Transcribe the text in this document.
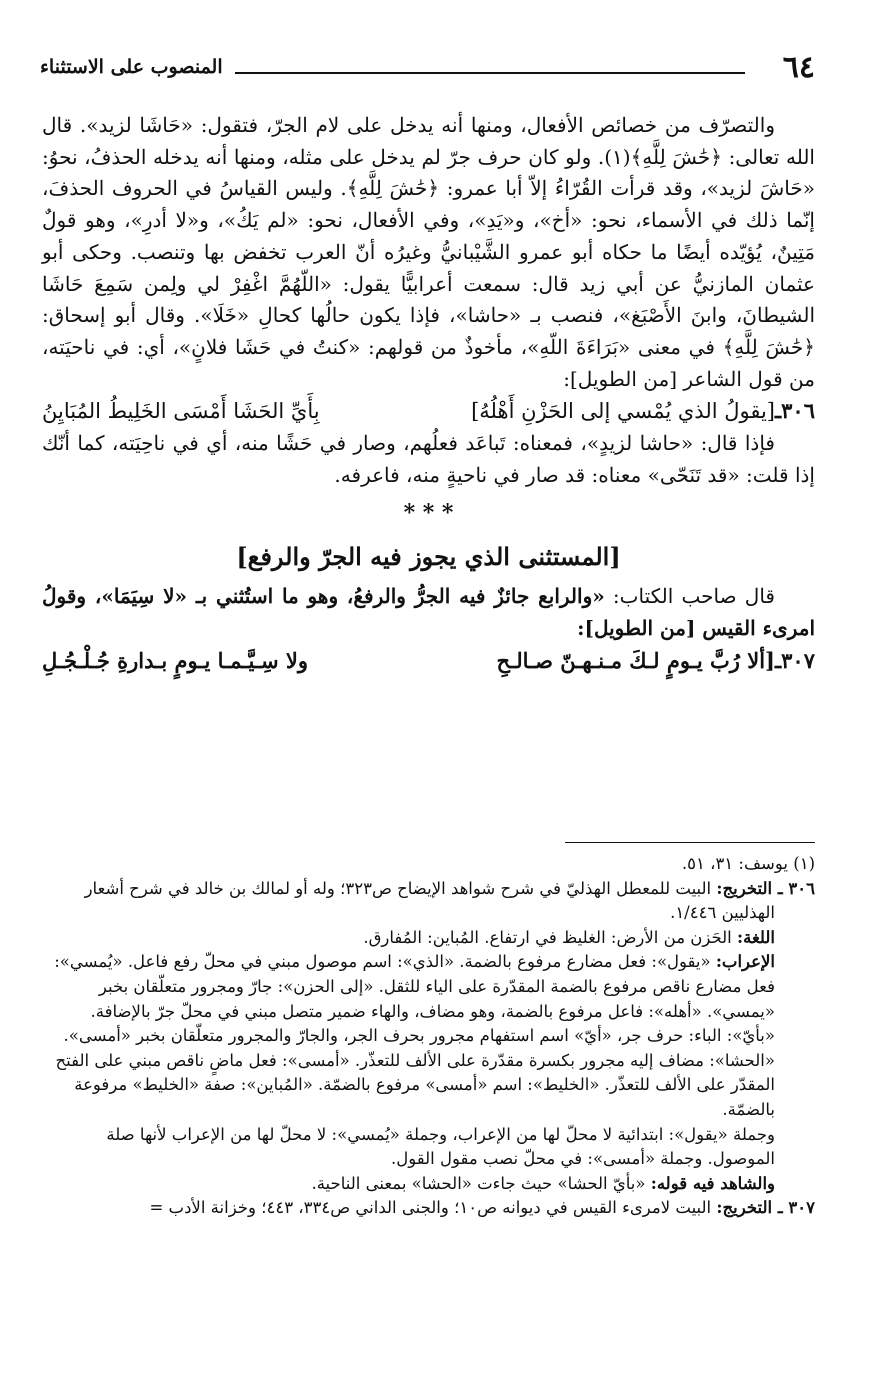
٦٤
المنصوب على الاستثناء

والتصرّف من خصائص الأفعال، ومنها أنه يدخل على لام الجرّ، فتقول: «حَاشَا لزيد». قال الله تعالى: ﴿حَٰشَ لِلَّهِ﴾(١). ولو كان حرف جرّ لم يدخل على مثله، ومنها أنه يدخله الحذفُ، نحوُ: «حَاشَ لزيد»، وقد قرأت القُرّاءُ إلاّ أبا عمرو: ﴿حَٰشَ لِلَّهِ﴾. وليس القياسُ في الحروف الحذفَ، إنّما ذلك في الأسماء، نحو: «أخ»، و«يَدِ»، وفي الأفعال، نحو: «لم يَكُ»، و«لا أدرِ»، وهو قولٌ مَتِينٌ، يُؤيّده أيضًا ما حكاه أبو عمرو الشَّيْبانيُّ وغيرُه أنّ العرب تخفض بها وتنصب. وحكى أبو عثمان المازنيُّ عن أبي زيد قال: سمعت أعرابيًّا يقول: «اللّهُمَّ اغْفِرْ لي ولِمن سَمِعَ حَاشَا الشيطانَ، وابنَ الأَصْبَغ»، فنصب بـ «حاشا»، فإذا يكون حالُها كحالِ «خَلَا». وقال أبو إسحاق: ﴿حَٰشَ لِلَّهِ﴾ في معنى «بَرَاءَةَ اللّهِ»، مأخوذٌ من قولهم: «كنتُ في حَشَا فلانٍ»، أي: في ناحيَته، من قول الشاعر [من الطويل]:

٣٠٦ـ[يقولُ الذي يُمْسي إلى الحَزْنِ أَهْلُهُ]
بِأَيِّ الحَشَا أَمْسَى الخَلِيطُ المُبَايِنُ

فإذا قال: «حاشا لزيدٍ»، فمعناه: تَباعَد فعلُهم، وصار في حَشًا منه، أي في ناحِيَته، كما أنّك إذا قلت: «قد تَنَحّى» معناه: قد صار في ناحيةٍ منه، فاعرفه.

* * *
[المستثنى الذي يجوز فيه الجرّ والرفع]

قال صاحب الكتاب: «والرابع جائزٌ فيه الجرُّ والرفعُ، وهو ما استُثني بـ «لا سِيَمَا»، وقولُ امرىء القيس [من الطويل]:

٣٠٧ـ[ألا رُبَّ يـومٍ لـكَ مـنـهـنّ صـالـحِ
ولا سِـيَّـمـا يـومٍ بـدارةِ جُـلْـجُـلِ

(١) يوسف: ٣١، ٥١.

٣٠٦ ـ التخريج: البيت للمعطل الهذليّ في شرح شواهد الإيضاح ص٣٢٣؛ وله أو لمالك بن خالد في شرح أشعار الهذليين ١/٤٤٦.

اللغة: الحَزن من الأرض: الغليظ في ارتفاع. المُباين: المُفارق.

الإعراب: «يقول»: فعل مضارع مرفوع بالضمة. «الذي»: اسم موصول مبني في محلّ رفع فاعل. «يُمسي»: فعل مضارع ناقص مرفوع بالضمة المقدّرة على الياء للثقل. «إلى الحزن»: جارّ ومجرور متعلّقان بخبر «يمسي». «أهله»: فاعل مرفوع بالضمة، وهو مضاف، والهاء ضمير متصل مبني في محلّ جرّ بالإضافة. «بأيّ»: الباء: حرف جر، «أيّ» اسم استفهام مجرور بحرف الجر، والجارّ والمجرور متعلّقان بخبر «أمسى». «الحشا»: مضاف إليه مجرور بكسرة مقدّرة على الألف للتعذّر. «أمسى»: فعل ماضٍ ناقص مبني على الفتح المقدّر على الألف للتعذّر. «الخليط»: اسم «أمسى» مرفوع بالضمّة. «المُباين»: صفة «الخليط» مرفوعة بالضمّة.

وجملة «يقول»: ابتدائية لا محلّ لها من الإعراب، وجملة «يُمسي»: لا محلّ لها من الإعراب لأنها صلة الموصول. وجملة «أمسى»: في محلّ نصب مقول القول.

والشاهد فيه قوله: «بأيّ الحشا» حيث جاءت «الحشا» بمعنى الناحية.

٣٠٧ ـ التخريج: البيت لامرىء القيس في ديوانه ص١٠؛ والجنى الداني ص٣٣٤، ٤٤٣؛ وخزانة الأدب =
